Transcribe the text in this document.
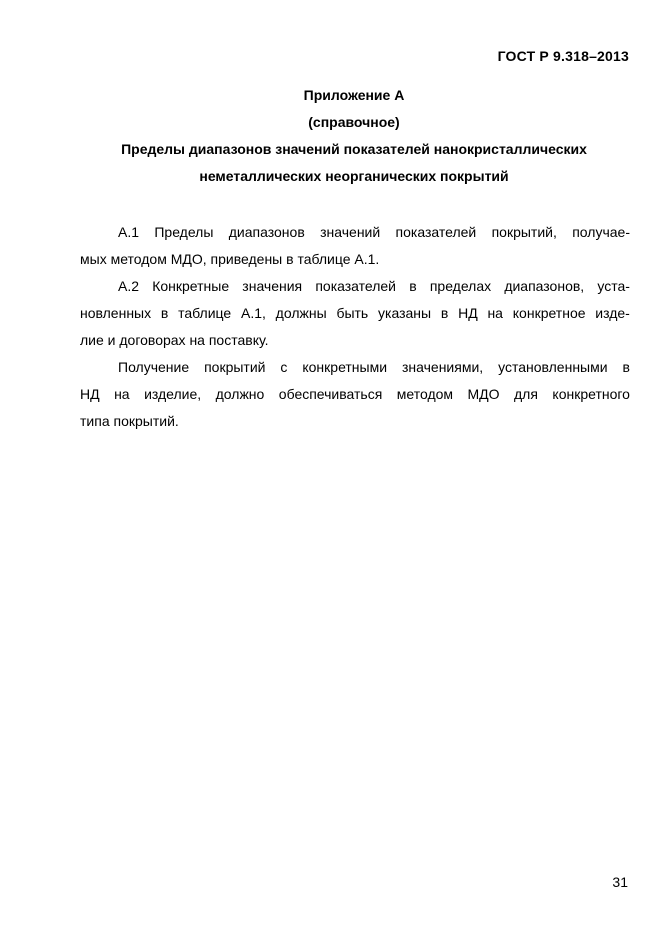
ГОСТ Р 9.318–2013
Приложение А
(справочное)
Пределы диапазонов значений показателей нанокристаллических
неметаллических неорганических покрытий
А.1 Пределы диапазонов значений показателей покрытий, получае-
мых методом МДО, приведены в таблице А.1.
А.2 Конкретные значения показателей в пределах диапазонов, уста-
новленных в таблице А.1, должны быть указаны в НД на конкретное изде-
лие и договорах на поставку.
Получение покрытий с конкретными значениями, установленными в
НД на изделие, должно обеспечиваться методом МДО для конкретного
типа покрытий.
31
